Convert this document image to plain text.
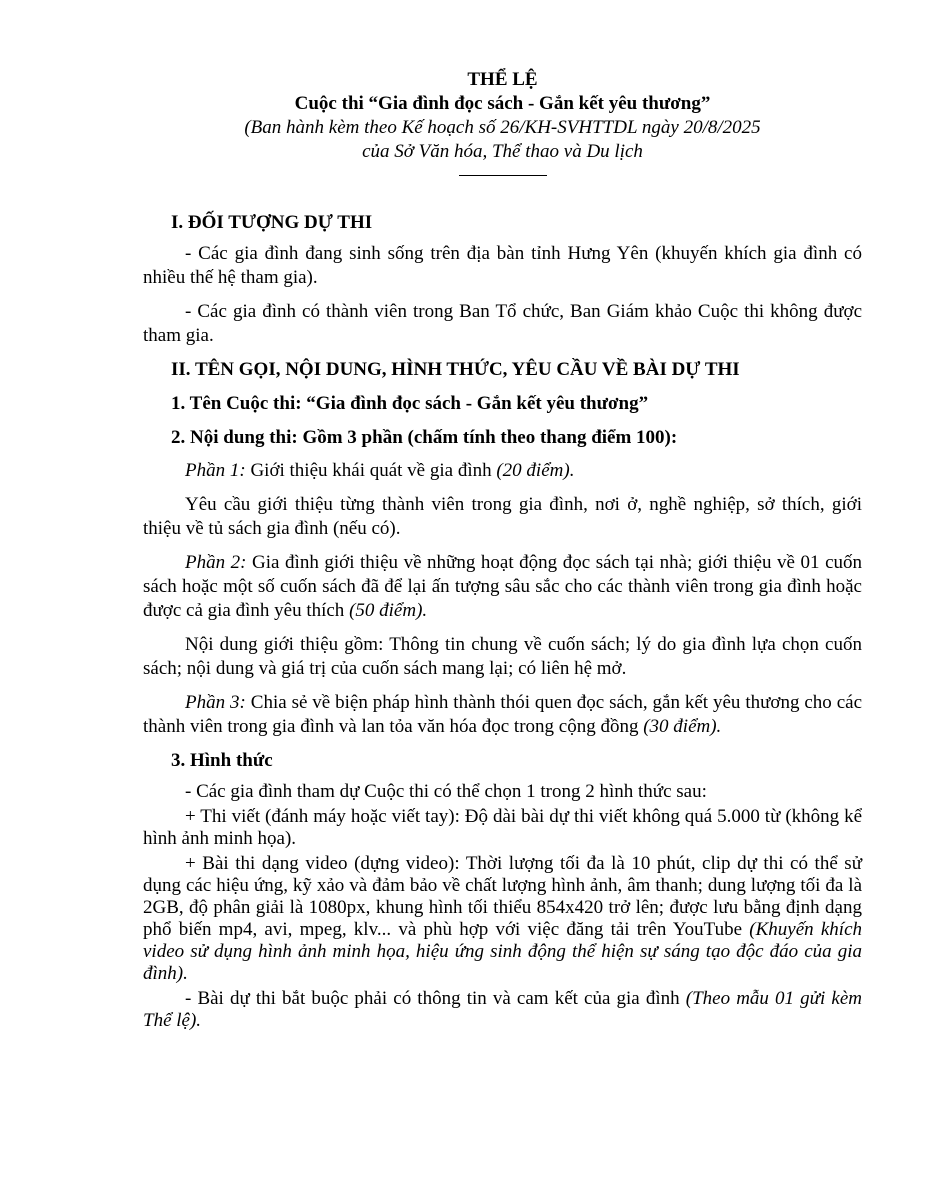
THỂ LỆ

Cuộc thi “Gia đình đọc sách - Gắn kết yêu thương”

(Ban hành kèm theo Kế hoạch số 26/KH-SVHTTDL ngày 20/8/2025

của Sở Văn hóa, Thể thao và Du lịch

I. ĐỐI TƯỢNG DỰ THI

- Các gia đình đang sinh sống trên địa bàn tỉnh Hưng Yên (khuyến khích gia đình có nhiều thế hệ tham gia).

- Các gia đình có thành viên trong Ban Tổ chức, Ban Giám khảo Cuộc thi không được tham gia.

II. TÊN GỌI, NỘI DUNG, HÌNH THỨC, YÊU CẦU VỀ BÀI DỰ THI

1. Tên Cuộc thi: “Gia đình đọc sách - Gắn kết yêu thương”

2. Nội dung thi: Gồm 3 phần (chấm tính theo thang điểm 100):

Phần 1: Giới thiệu khái quát về gia đình (20 điểm).

Yêu cầu giới thiệu từng thành viên trong gia đình, nơi ở, nghề nghiệp, sở thích, giới thiệu về tủ sách gia đình (nếu có).

Phần 2: Gia đình giới thiệu về những hoạt động đọc sách tại nhà; giới thiệu về 01 cuốn sách hoặc một số cuốn sách đã để lại ấn tượng sâu sắc cho các thành viên trong gia đình hoặc được cả gia đình yêu thích (50 điểm).

Nội dung giới thiệu gồm: Thông tin chung về cuốn sách; lý do gia đình lựa chọn cuốn sách; nội dung và giá trị của cuốn sách mang lại; có liên hệ mở.

Phần 3: Chia sẻ về biện pháp hình thành thói quen đọc sách, gắn kết yêu thương cho các thành viên trong gia đình và lan tỏa văn hóa đọc trong cộng đồng (30 điểm).

3. Hình thức

- Các gia đình tham dự Cuộc thi có thể chọn 1 trong 2 hình thức sau:

+ Thi viết (đánh máy hoặc viết tay): Độ dài bài dự thi viết không quá 5.000 từ (không kể hình ảnh minh họa).

+ Bài thi dạng video (dựng video): Thời lượng tối đa là 10 phút, clip dự thi có thể sử dụng các hiệu ứng, kỹ xảo và đảm bảo về chất lượng hình ảnh, âm thanh; dung lượng tối đa là 2GB, độ phân giải là 1080px, khung hình tối thiểu 854x420 trở lên; được lưu bằng định dạng phổ biến mp4, avi, mpeg, klv... và phù hợp với việc đăng tải trên YouTube (Khuyến khích video sử dụng hình ảnh minh họa, hiệu ứng sinh động thể hiện sự sáng tạo độc đáo của gia đình).

- Bài dự thi bắt buộc phải có thông tin và cam kết của gia đình (Theo mẫu 01 gửi kèm Thể lệ).
